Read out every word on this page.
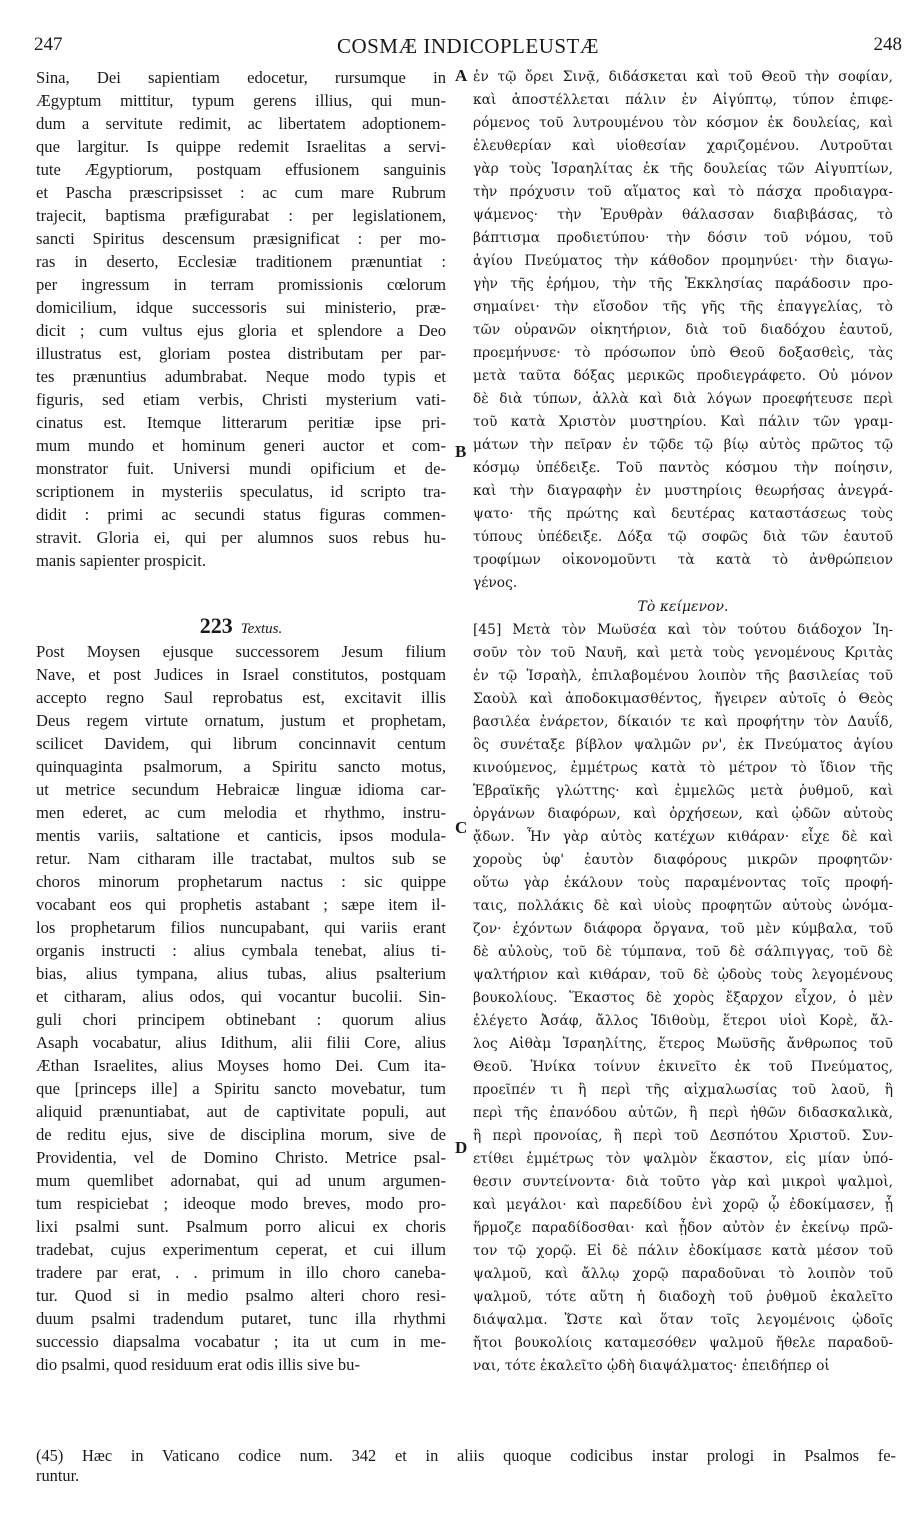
247	COSMÆ INDICOPLEUSTÆ	248
A
B
C
D
Sina, Dei sapientiam edocetur, rursumque in
Ægyptum mittitur, typum gerens illius, qui mun-
dum a servitute redimit, ac libertatem adoptionem-
que largitur. Is quippe redemit Israelitas a servi-
tute Ægyptiorum, postquam effusionem sanguinis
et Pascha præscripsisset : ac cum mare Rubrum
trajecit, baptisma præfigurabat : per legislationem,
sancti Spiritus descensum præsignificat : per mo-
ras in deserto, Ecclesiæ traditionem prænuntiat :
per ingressum in terram promissionis cœlorum
domicilium, idque successoris sui ministerio, præ-
dicit ; cum vultus ejus gloria et splendore a Deo
illustratus est, gloriam postea distributam per par-
tes prænuntius adumbrabat. Neque modo typis et
figuris, sed etiam verbis, Christi mysterium vati-
cinatus est. Itemque litterarum peritiæ ipse pri-
mum mundo et hominum generi auctor et com-
monstrator fuit. Universi mundi opificium et de-
scriptionem in mysteriis speculatus, id scripto tra-
didit : primi ac secundi status figuras commen-
stravit. Gloria ei, qui per alumnos suos rebus hu-
manis sapienter prospicit.
223 Textus.
Post Moysen ejusque successorem Jesum filium
Nave, et post Judices in Israel constitutos, postquam
accepto regno Saul reprobatus est, excitavit illis
Deus regem virtute ornatum, justum et prophetam,
scilicet Davidem, qui librum concinnavit centum
quinquaginta psalmorum, a Spiritu sancto motus,
ut metrice secundum Hebraicæ linguæ idioma car-
men ederet, ac cum melodia et rhythmo, instru-
mentis variis, saltatione et canticis, ipsos modula-
retur. Nam citharam ille tractabat, multos sub se
choros minorum prophetarum nactus : sic quippe
vocabant eos qui prophetis astabant ; sæpe item il-
los prophetarum filios nuncupabant, qui variis erant
organis instructi : alius cymbala tenebat, alius ti-
bias, alius tympana, alius tubas, alius psalterium
et citharam, alius odos, qui vocantur bucolii. Sin-
guli chori principem obtinebant : quorum alius
Asaph vocabatur, alius Idithum, alii filii Core, alius
Æthan Israelites, alius Moyses homo Dei. Cum ita-
que [princeps ille] a Spiritu sancto movebatur, tum
aliquid prænuntiabat, aut de captivitate populi, aut
de reditu ejus, sive de disciplina morum, sive de
Providentia, vel de Domino Christo. Metrice psal-
mum quemlibet adornabat, qui ad unum argumen-
tum respiciebat ; ideoque modo breves, modo pro-
lixi psalmi sunt. Psalmum porro alicui ex choris
tradebat, cujus experimentum ceperat, et cui illum
tradere par erat, . . primum in illo choro caneba-
tur. Quod si in medio psalmo alteri choro resi-
duum psalmi tradendum putaret, tunc illa rhythmi
successio diapsalma vocabatur ; ita ut cum in me-
dio psalmi, quod residuum erat odis illis sive bu-
ἐν τῷ ὄρει Σινᾷ, διδάσκεται καὶ τοῦ Θεοῦ τὴν σοφίαν,
καὶ ἀποστέλλεται πάλιν ἐν Αἰγύπτῳ, τύπον ἐπιφε-
ρόμενος τοῦ λυτρουμένου τὸν κόσμον ἐκ δουλείας, καὶ
ἐλευθερίαν καὶ υἱοθεσίαν χαριζομένου. Λυτροῦται
γὰρ τοὺς Ἰσραηλίτας ἐκ τῆς δουλείας τῶν Αἰγυπτίων,
τὴν πρόχυσιν τοῦ αἵματος καὶ τὸ πάσχα προδιαγρα-
ψάμενος· τὴν Ἐρυθρὰν θάλασσαν διαβιβάσας, τὸ
βάπτισμα προδιετύπου· τὴν δόσιν τοῦ νόμου, τοῦ
ἁγίου Πνεύματος τὴν κάθοδον προμηνύει· τὴν διαγω-
γὴν τῆς ἐρήμου, τὴν τῆς Ἐκκλησίας παράδοσιν προ-
σημαίνει· τὴν εἴσοδον τῆς γῆς τῆς ἐπαγγελίας, τὸ
τῶν οὐρανῶν οἰκητήριον, διὰ τοῦ διαδόχου ἑαυτοῦ,
προεμήνυσε· τὸ πρόσωπον ὑπὸ Θεοῦ δοξασθεὶς, τὰς
μετὰ ταῦτα δόξας μερικῶς προδιεγράφετο. Οὐ μόνον
δὲ διὰ τύπων, ἀλλὰ καὶ διὰ λόγων προεφήτευσε περὶ
τοῦ κατὰ Χριστὸν μυστηρίου. Καὶ πάλιν τῶν γραμ-
μάτων τὴν πεῖραν ἐν τῷδε τῷ βίῳ αὐτὸς πρῶτος τῷ
κόσμῳ ὑπέδειξε. Τοῦ παντὸς κόσμου τὴν ποίησιν,
καὶ τὴν διαγραφὴν ἐν μυστηρίοις θεωρήσας ἀνεγρά-
ψατο· τῆς πρώτης καὶ δευτέρας καταστάσεως τοὺς
τύπους ὑπέδειξε. Δόξα τῷ σοφῶς διὰ τῶν ἑαυτοῦ
τροφίμων οἰκονομοῦντι τὰ κατὰ τὸ ἀνθρώπειον
γένος.
Τὸ κείμενον.
[45] Μετὰ τὸν Μωϋσέα καὶ τὸν τούτου διάδοχον Ἰη-
σοῦν τὸν τοῦ Ναυῆ, καὶ μετὰ τοὺς γενομένους Κριτὰς
ἐν τῷ Ἰσραὴλ, ἐπιλαβομένου λοιπὸν τῆς βασιλείας τοῦ
Σαοὺλ καὶ ἀποδοκιμασθέντος, ἤγειρεν αὐτοῖς ὁ Θεὸς
βασιλέα ἐνάρετον, δίκαιόν τε καὶ προφήτην τὸν Δαυΐδ,
ὃς συνέταξε βίβλον ψαλμῶν ρν', ἐκ Πνεύματος ἁγίου
κινούμενος, ἐμμέτρως κατὰ τὸ μέτρον τὸ ἴδιον τῆς
Ἑβραϊκῆς γλώττης· καὶ ἐμμελῶς μετὰ ῥυθμοῦ, καὶ
ὀργάνων διαφόρων, καὶ ὀρχήσεων, καὶ ᾠδῶν αὐτοὺς
ᾄδων. Ἦν γὰρ αὐτὸς κατέχων κιθάραν· εἶχε δὲ καὶ
χοροὺς ὑφ' ἑαυτὸν διαφόρους μικρῶν προφητῶν·
οὕτω γὰρ ἐκάλουν τοὺς παραμένοντας τοῖς προφή-
ταις, πολλάκις δὲ καὶ υἱοὺς προφητῶν αὐτοὺς ὠνόμα-
ζον· ἐχόντων διάφορα ὄργανα, τοῦ μὲν κύμβαλα, τοῦ
δὲ αὐλοὺς, τοῦ δὲ τύμπανα, τοῦ δὲ σάλπιγγας, τοῦ δὲ
ψαλτήριον καὶ κιθάραν, τοῦ δὲ ᾠδοὺς τοὺς λεγομένους
βουκολίους. Ἕκαστος δὲ χορὸς ἔξαρχον εἶχον, ὁ μὲν
ἐλέγετο Ἀσάφ, ἄλλος Ἰδιθοὺμ, ἕτεροι υἱοὶ Κορὲ, ἄλ-
λος Αἰθὰμ Ἰσραηλίτης, ἕτερος Μωϋσῆς ἄνθρωπος τοῦ
Θεοῦ. Ἡνίκα τοίνυν ἐκινεῖτο ἐκ τοῦ Πνεύματος,
προεῖπέν τι ἢ περὶ τῆς αἰχμαλωσίας τοῦ λαοῦ, ἢ
περὶ τῆς ἐπανόδου αὐτῶν, ἢ περὶ ἠθῶν διδασκαλικὰ,
ἢ περὶ προνοίας, ἢ περὶ τοῦ Δεσπότου Χριστοῦ. Συν-
ετίθει ἐμμέτρως τὸν ψαλμὸν ἕκαστον, εἰς μίαν ὑπό-
θεσιν συντείνοντα· διὰ τοῦτο γὰρ καὶ μικροὶ ψαλμοὶ,
καὶ μεγάλοι· καὶ παρεδίδου ἑνὶ χορῷ ᾧ ἐδοκίμασεν, ᾗ
ἥρμοζε παραδίδοσθαι· καὶ ᾖδον αὐτὸν ἐν ἐκείνῳ πρῶ-
τον τῷ χορῷ. Εἰ δὲ πάλιν ἐδοκίμασε κατὰ μέσον τοῦ
ψαλμοῦ, καὶ ἄλλῳ χορῷ παραδοῦναι τὸ λοιπὸν τοῦ
ψαλμοῦ, τότε αὕτη ἡ διαδοχὴ τοῦ ῥυθμοῦ ἐκαλεῖτο
διάψαλμα. Ὥστε καὶ ὅταν τοῖς λεγομένοις ᾠδοῖς
ἤτοι βουκολίοις καταμεσόθεν ψαλμοῦ ἤθελε παραδοῦ-
ναι, τότε ἐκαλεῖτο ᾠδὴ διαψάλματος· ἐπειδήπερ οἱ
(45) Hæc in Vaticano codice num. 342 et in aliis quoque codicibus instar prologi in Psalmos fe-
runtur.
